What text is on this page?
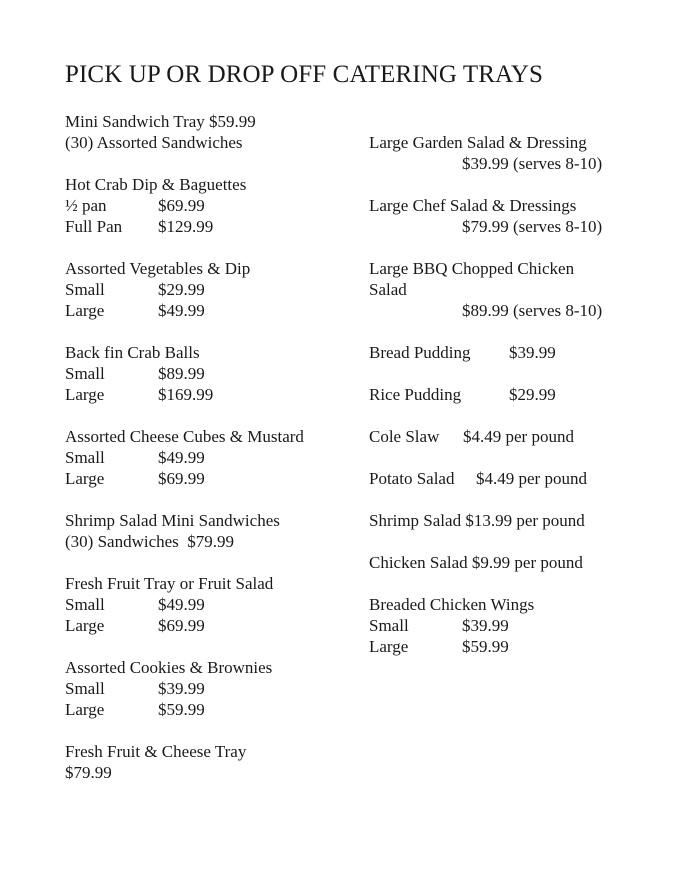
PICK UP OR DROP OFF CATERING TRAYS
Mini Sandwich Tray $59.99
(30) Assorted Sandwiches
Hot Crab Dip & Baguettes
½ pan	$69.99
Full Pan $129.99
Assorted Vegetables & Dip
Small	$29.99
Large	$49.99
Back fin Crab Balls
Small	$89.99
Large	$169.99
Assorted Cheese Cubes & Mustard
Small	$49.99
Large	$69.99
Shrimp Salad Mini Sandwiches
(30) Sandwiches  $79.99
Fresh Fruit Tray or Fruit Salad
Small	$49.99
Large	$69.99
Assorted Cookies & Brownies
Small	$39.99
Large	$59.99
Fresh Fruit & Cheese Tray
$79.99
Large Garden Salad & Dressing
$39.99 (serves 8-10)
Large Chef Salad & Dressings
$79.99 (serves 8-10)
Large BBQ Chopped Chicken
Salad
$89.99 (serves 8-10)
Bread Pudding $39.99
Rice Pudding	$29.99
Cole Slaw $4.49 per pound
Potato Salad $4.49 per pound
Shrimp Salad $13.99 per pound
Chicken Salad $9.99 per pound
Breaded Chicken Wings
Small	$39.99
Large	$59.99
